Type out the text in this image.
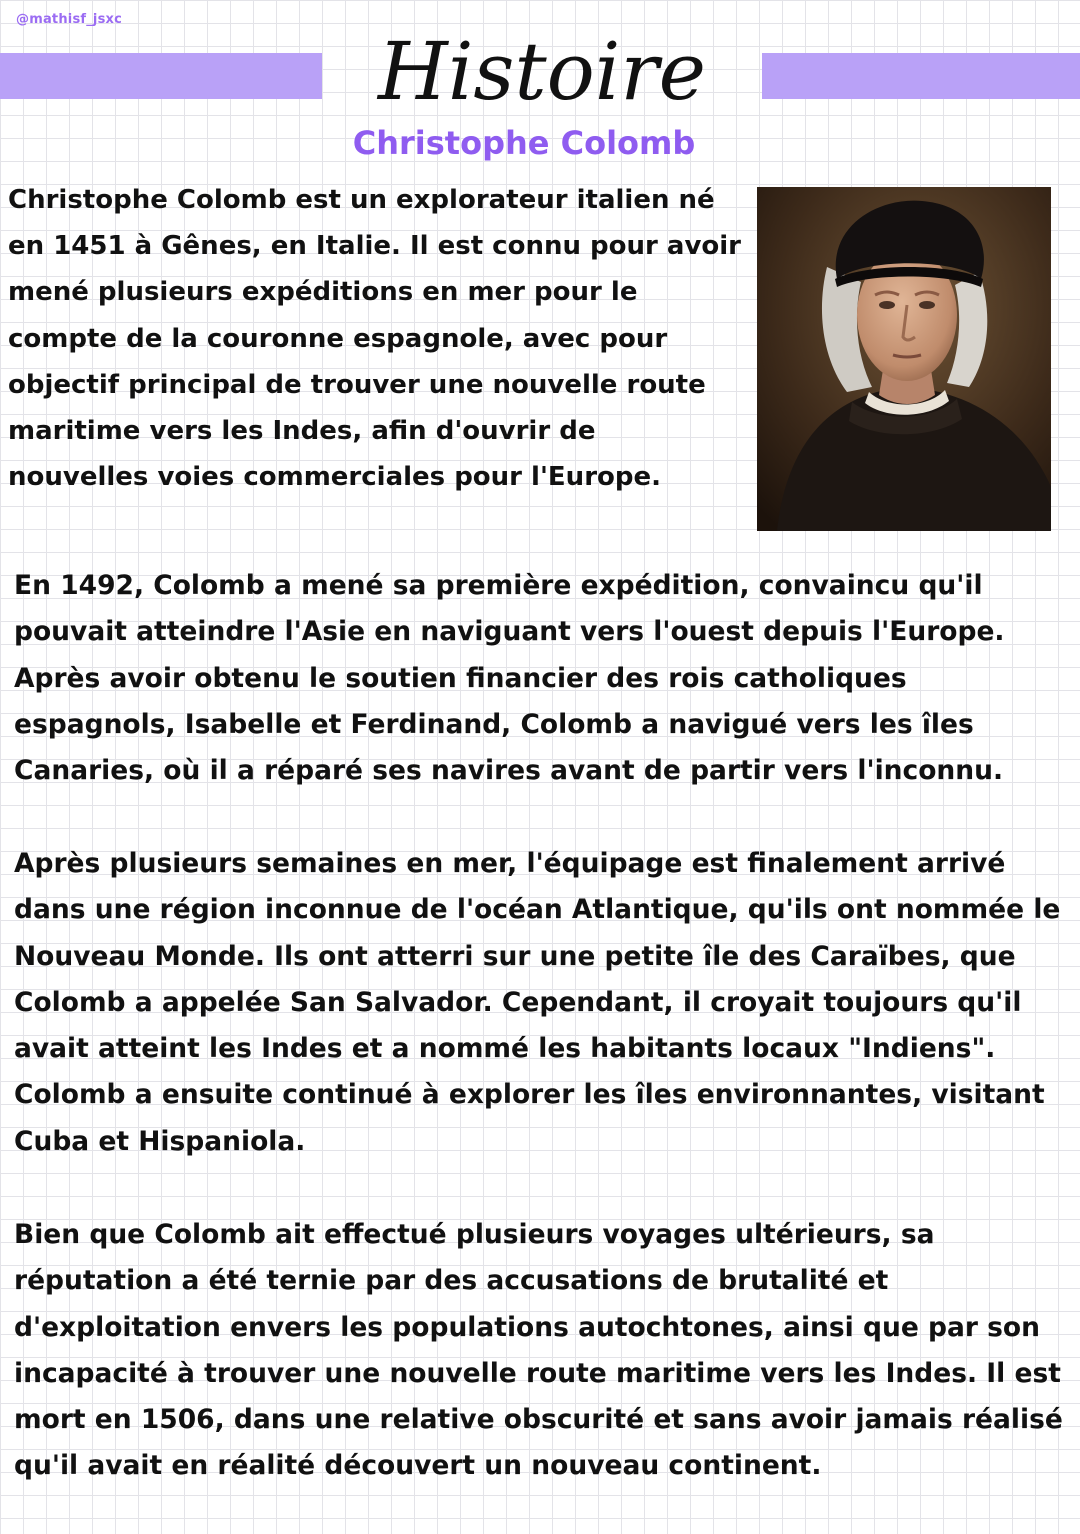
@mathisf_jsxc
Histoire
Christophe Colomb

Christophe Colomb est un explorateur italien né en 1451 à Gênes, en Italie. Il est connu pour avoir mené plusieurs expéditions en mer pour le compte de la couronne espagnole, avec pour objectif principal de trouver une nouvelle route maritime vers les Indes, afin d'ouvrir de nouvelles voies commerciales pour l'Europe.

En 1492, Colomb a mené sa première expédition, convaincu qu'il pouvait atteindre l'Asie en naviguant vers l'ouest depuis l'Europe. Après avoir obtenu le soutien financier des rois catholiques espagnols, Isabelle et Ferdinand, Colomb a navigué vers les îles Canaries, où il a réparé ses navires avant de partir vers l'inconnu.

Après plusieurs semaines en mer, l'équipage est finalement arrivé dans une région inconnue de l'océan Atlantique, qu'ils ont nommée le Nouveau Monde. Ils ont atterri sur une petite île des Caraïbes, que Colomb a appelée San Salvador. Cependant, il croyait toujours qu'il avait atteint les Indes et a nommé les habitants locaux "Indiens". Colomb a ensuite continué à explorer les îles environnantes, visitant Cuba et Hispaniola.

Bien que Colomb ait effectué plusieurs voyages ultérieurs, sa réputation a été ternie par des accusations de brutalité et d'exploitation envers les populations autochtones, ainsi que par son incapacité à trouver une nouvelle route maritime vers les Indes. Il est mort en 1506, dans une relative obscurité et sans avoir jamais réalisé qu'il avait en réalité découvert un nouveau continent.
